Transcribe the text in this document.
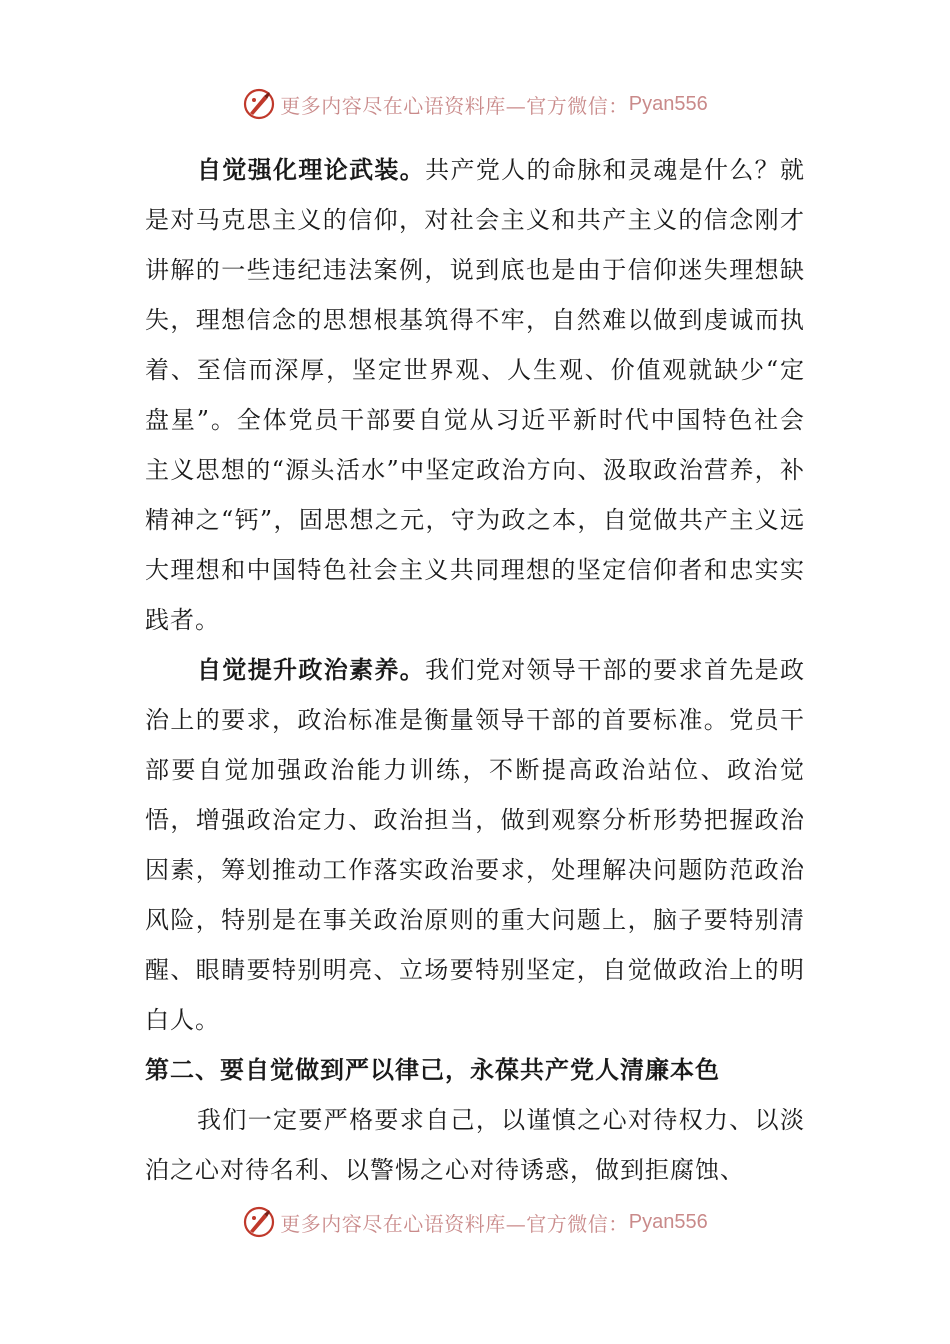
更多内容尽在心语资料库—官方微信： Pyan556

自觉强化理论武装。共产党人的命脉和灵魂是什么？就是对马克思主义的信仰，对社会主义和共产主义的信念刚才讲解的一些违纪违法案例，说到底也是由于信仰迷失理想缺失，理想信念的思想根基筑得不牢，自然难以做到虔诚而执着、至信而深厚，坚定世界观、人生观、价值观就缺少“定盘星”。全体党员干部要自觉从习近平新时代中国特色社会主义思想的“源头活水”中坚定政治方向、汲取政治营养，补精神之“钙”，固思想之元，守为政之本，自觉做共产主义远大理想和中国特色社会主义共同理想的坚定信仰者和忠实实践者。

自觉提升政治素养。我们党对领导干部的要求首先是政治上的要求，政治标准是衡量领导干部的首要标准。党员干部要自觉加强政治能力训练，不断提高政治站位、政治觉悟，增强政治定力、政治担当，做到观察分析形势把握政治因素，筹划推动工作落实政治要求，处理解决问题防范政治风险，特别是在事关政治原则的重大问题上，脑子要特别清醒、眼睛要特别明亮、立场要特别坚定，自觉做政治上的明白人。

第二、要自觉做到严以律己，永葆共产党人清廉本色

我们一定要严格要求自己，以谨慎之心对待权力、以淡泊之心对待名利、以警惕之心对待诱惑，做到拒腐蚀、

更多内容尽在心语资料库—官方微信： Pyan556
